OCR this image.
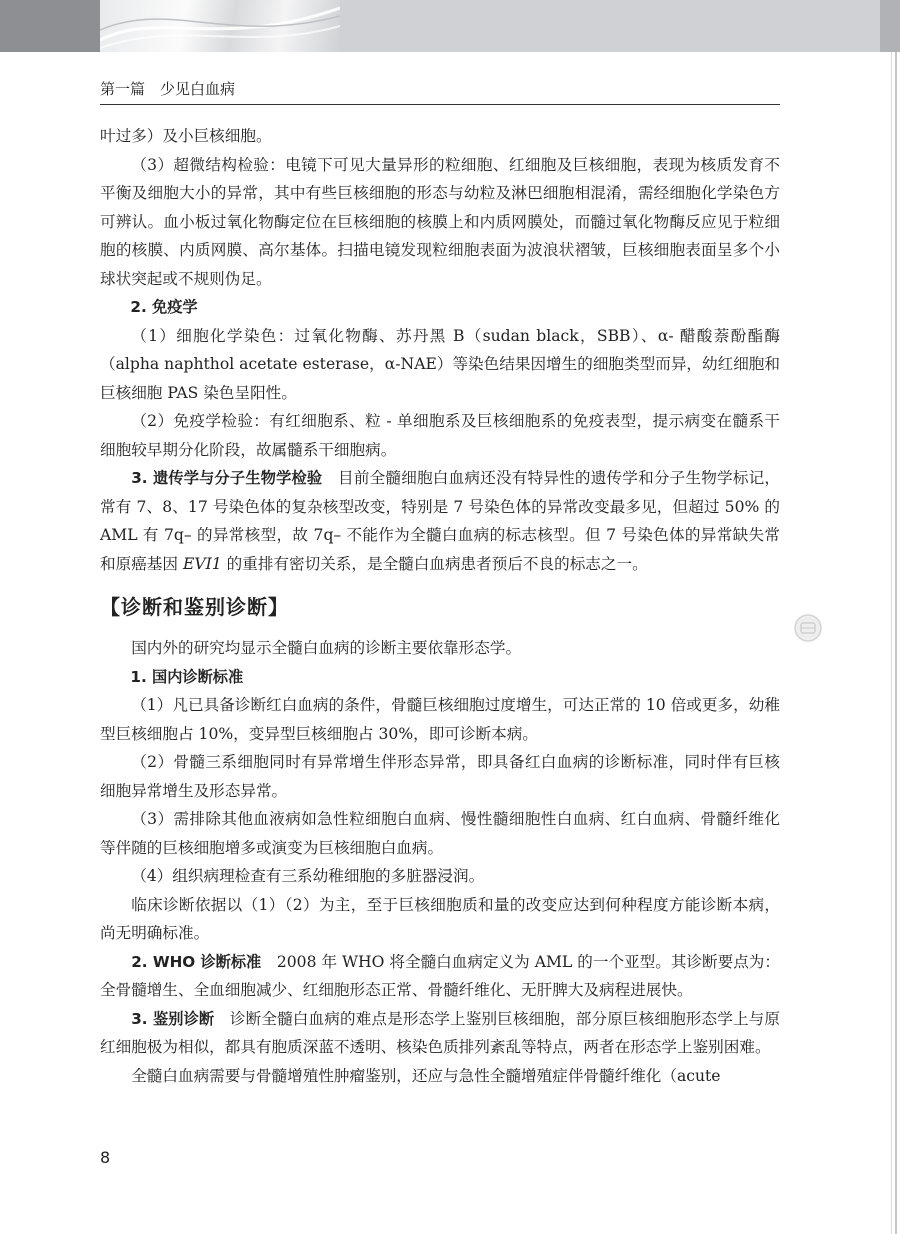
第一篇　少见白血病

叶过多）及小巨核细胞。

（3）超微结构检验：电镜下可见大量异形的粒细胞、红细胞及巨核细胞，表现为核质发育不平衡及细胞大小的异常，其中有些巨核细胞的形态与幼粒及淋巴细胞相混淆，需经细胞化学染色方可辨认。血小板过氧化物酶定位在巨核细胞的核膜上和内质网膜处，而髓过氧化物酶反应见于粒细胞的核膜、内质网膜、高尔基体。扫描电镜发现粒细胞表面为波浪状褶皱，巨核细胞表面呈多个小球状突起或不规则伪足。

2. 免疫学

（1）细胞化学染色：过氧化物酶、苏丹黑 B（sudan black，SBB）、α- 醋酸萘酚酯酶（alpha naphthol acetate esterase，α-NAE）等染色结果因增生的细胞类型而异，幼红细胞和巨核细胞 PAS 染色呈阳性。

（2）免疫学检验：有红细胞系、粒 - 单细胞系及巨核细胞系的免疫表型，提示病变在髓系干细胞较早期分化阶段，故属髓系干细胞病。

3. 遗传学与分子生物学检验　目前全髓细胞白血病还没有特异性的遗传学和分子生物学标记，常有 7、8、17 号染色体的复杂核型改变，特别是 7 号染色体的异常改变最多见，但超过 50% 的 AML 有 7q– 的异常核型，故 7q– 不能作为全髓白血病的标志核型。但 7 号染色体的异常缺失常和原癌基因 EVI1 的重排有密切关系，是全髓白血病患者预后不良的标志之一。

【诊断和鉴别诊断】

国内外的研究均显示全髓白血病的诊断主要依靠形态学。

1. 国内诊断标准

（1）凡已具备诊断红白血病的条件，骨髓巨核细胞过度增生，可达正常的 10 倍或更多，幼稚型巨核细胞占 10%，变异型巨核细胞占 30%，即可诊断本病。

（2）骨髓三系细胞同时有异常增生伴形态异常，即具备红白血病的诊断标准，同时伴有巨核细胞异常增生及形态异常。

（3）需排除其他血液病如急性粒细胞白血病、慢性髓细胞性白血病、红白血病、骨髓纤维化等伴随的巨核细胞增多或演变为巨核细胞白血病。

（4）组织病理检查有三系幼稚细胞的多脏器浸润。

临床诊断依据以（1）（2）为主，至于巨核细胞质和量的改变应达到何种程度方能诊断本病，尚无明确标准。

2. WHO 诊断标准　2008 年 WHO 将全髓白血病定义为 AML 的一个亚型。其诊断要点为：全骨髓增生、全血细胞减少、红细胞形态正常、骨髓纤维化、无肝脾大及病程进展快。

3. 鉴别诊断　诊断全髓白血病的难点是形态学上鉴别巨核细胞，部分原巨核细胞形态学上与原红细胞极为相似，都具有胞质深蓝不透明、核染色质排列紊乱等特点，两者在形态学上鉴别困难。

全髓白血病需要与骨髓增殖性肿瘤鉴别，还应与急性全髓增殖症伴骨髓纤维化（acute

8
